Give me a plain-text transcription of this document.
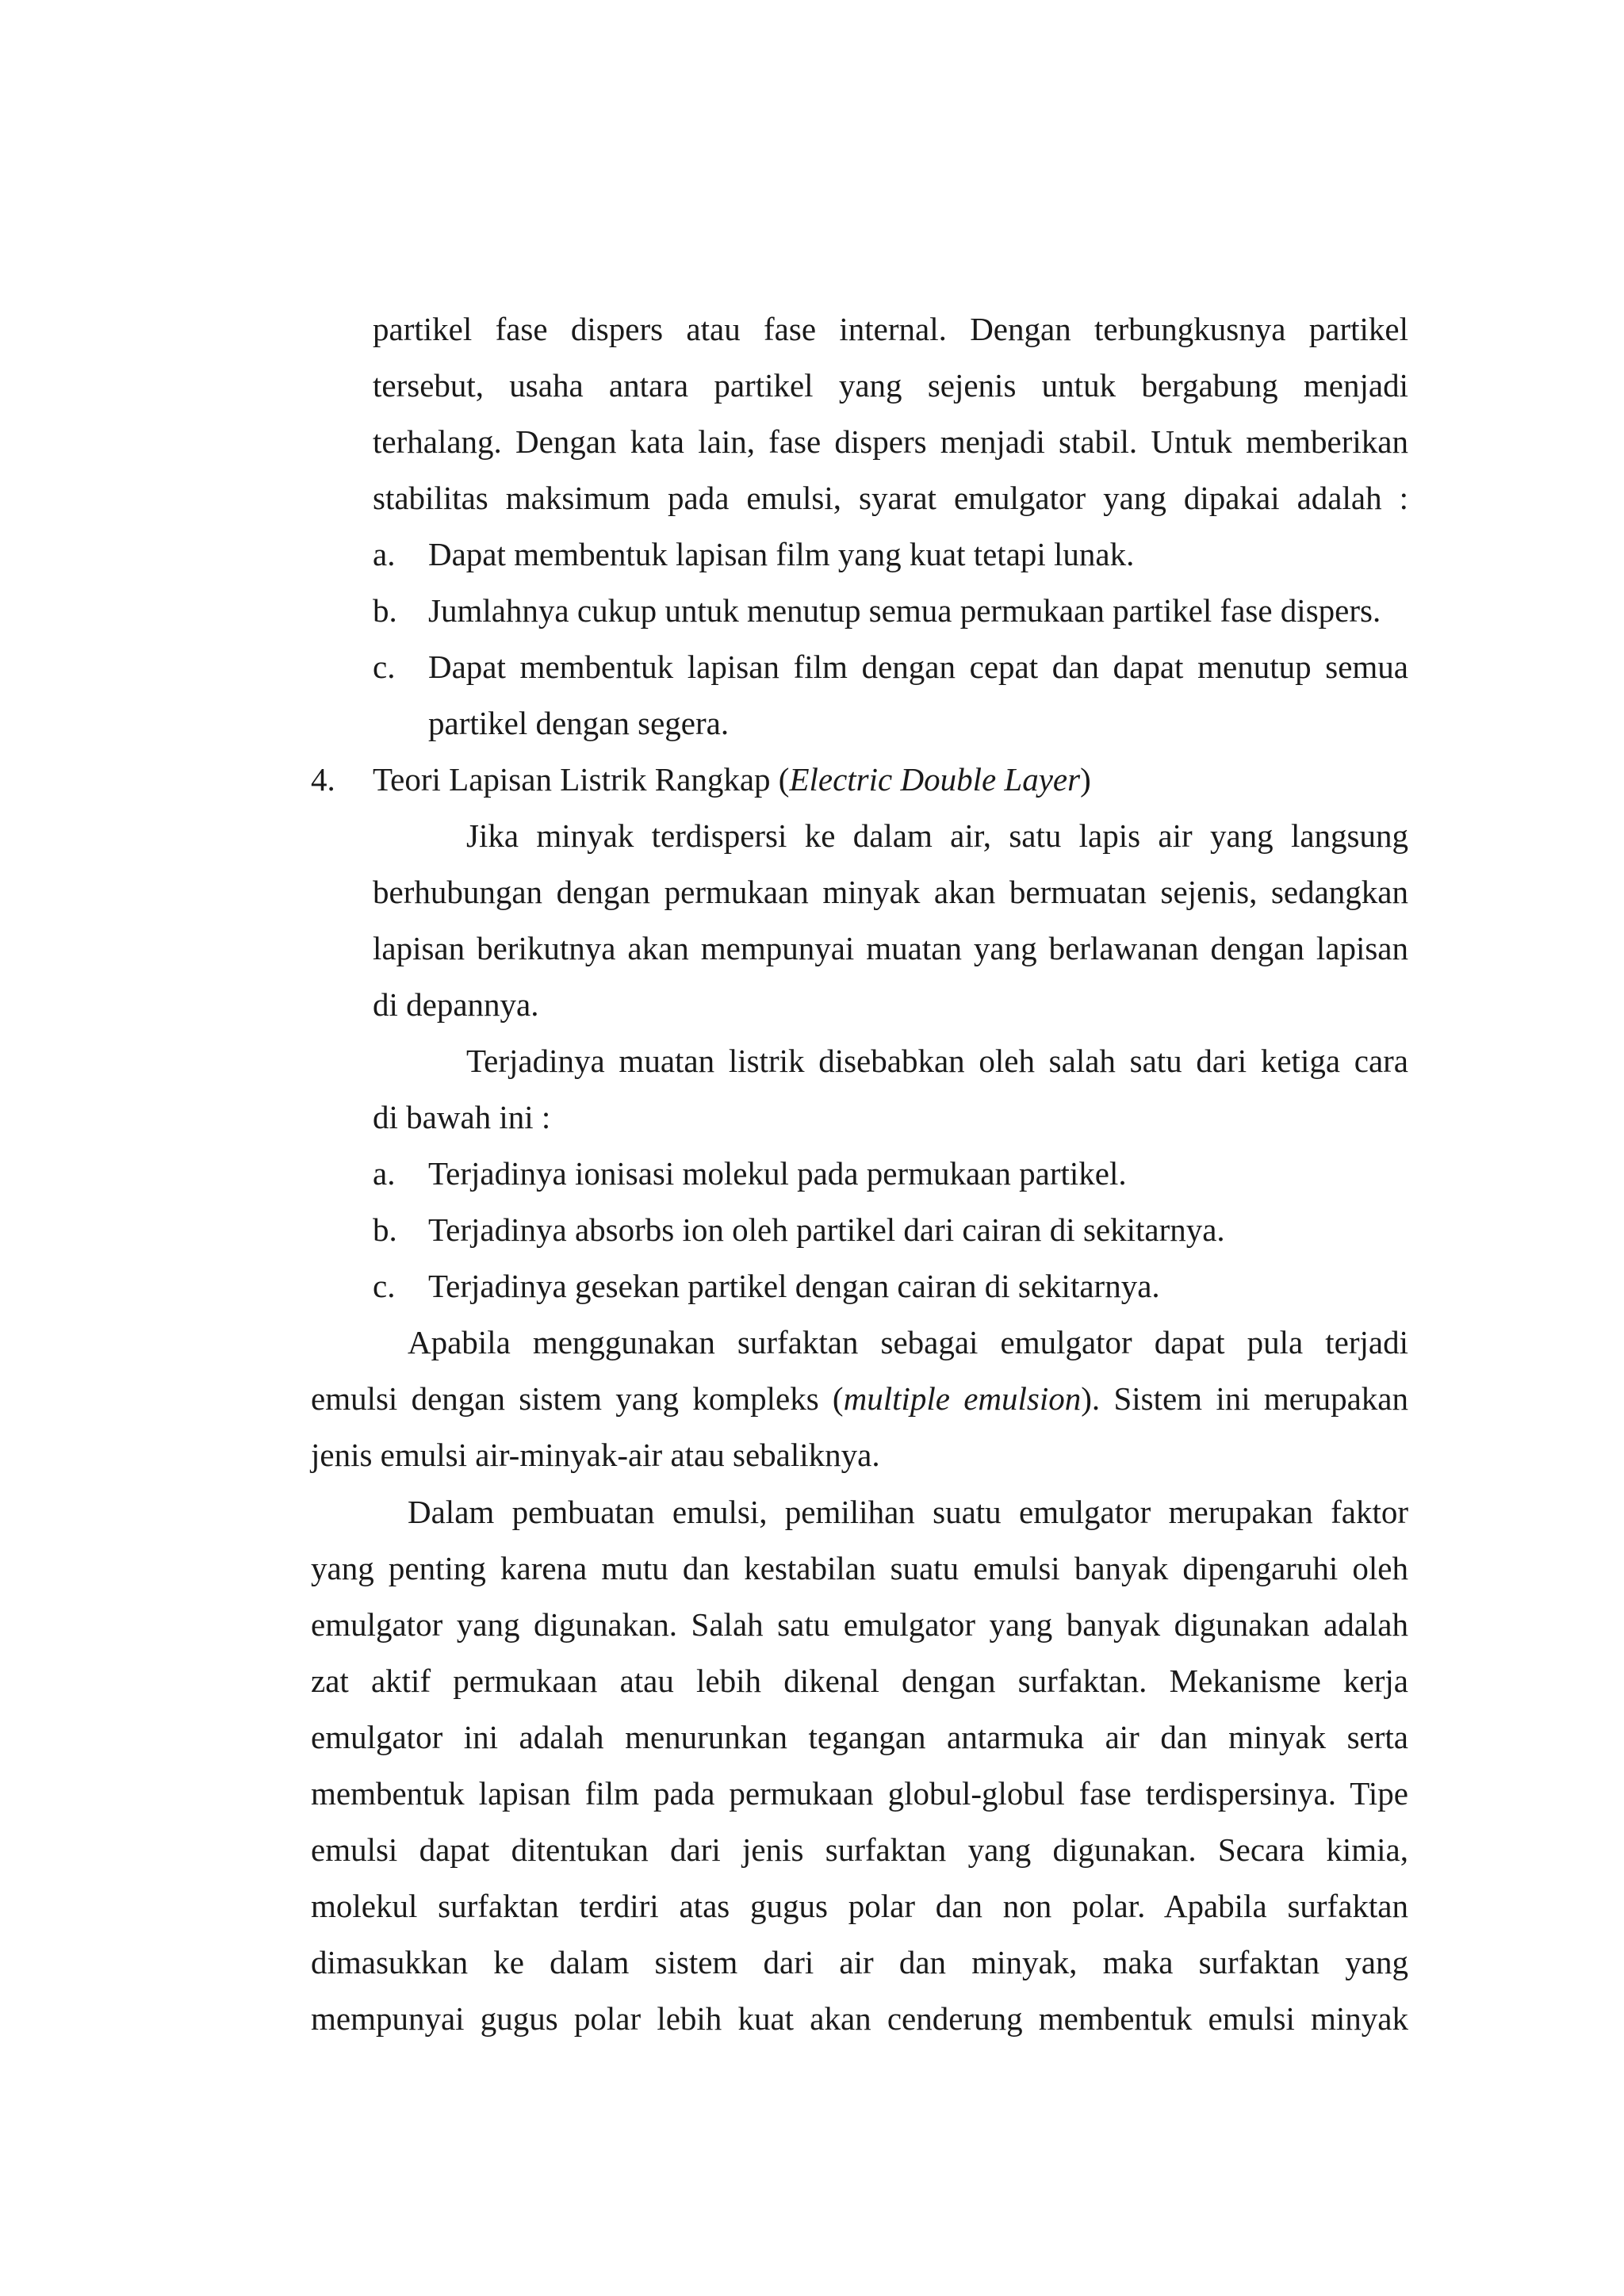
partikel fase dispers atau fase internal. Dengan terbungkusnya partikel
tersebut, usaha antara partikel yang sejenis untuk bergabung menjadi
terhalang. Dengan kata lain, fase dispers menjadi stabil. Untuk memberikan
stabilitas maksimum pada emulsi, syarat emulgator yang dipakai adalah :
a. Dapat membentuk lapisan film yang kuat tetapi lunak.
b. Jumlahnya cukup untuk menutup semua permukaan partikel fase dispers.
c. Dapat membentuk lapisan film dengan cepat dan dapat menutup semua
partikel dengan segera.
4. Teori Lapisan Listrik Rangkap (Electric Double Layer)
Jika minyak terdispersi ke dalam air, satu lapis air yang langsung
berhubungan dengan permukaan minyak akan bermuatan sejenis, sedangkan
lapisan berikutnya akan mempunyai muatan yang berlawanan dengan lapisan
di depannya.
Terjadinya muatan listrik disebabkan oleh salah satu dari ketiga cara
di bawah ini :
a. Terjadinya ionisasi molekul pada permukaan partikel.
b. Terjadinya absorbs ion oleh partikel dari cairan di sekitarnya.
c. Terjadinya gesekan partikel dengan cairan di sekitarnya.
Apabila menggunakan surfaktan sebagai emulgator dapat pula terjadi
emulsi dengan sistem yang kompleks (multiple emulsion). Sistem ini merupakan
jenis emulsi air-minyak-air atau sebaliknya.
Dalam pembuatan emulsi, pemilihan suatu emulgator merupakan faktor
yang penting karena mutu dan kestabilan suatu emulsi banyak dipengaruhi oleh
emulgator yang digunakan. Salah satu emulgator yang banyak digunakan adalah
zat aktif permukaan atau lebih dikenal dengan surfaktan. Mekanisme kerja
emulgator ini adalah menurunkan tegangan antarmuka air dan minyak serta
membentuk lapisan film pada permukaan globul-globul fase terdispersinya. Tipe
emulsi dapat ditentukan dari jenis surfaktan yang digunakan. Secara kimia,
molekul surfaktan terdiri atas gugus polar dan non polar. Apabila surfaktan
dimasukkan ke dalam sistem dari air dan minyak, maka surfaktan yang
mempunyai gugus polar lebih kuat akan cenderung membentuk emulsi minyak
